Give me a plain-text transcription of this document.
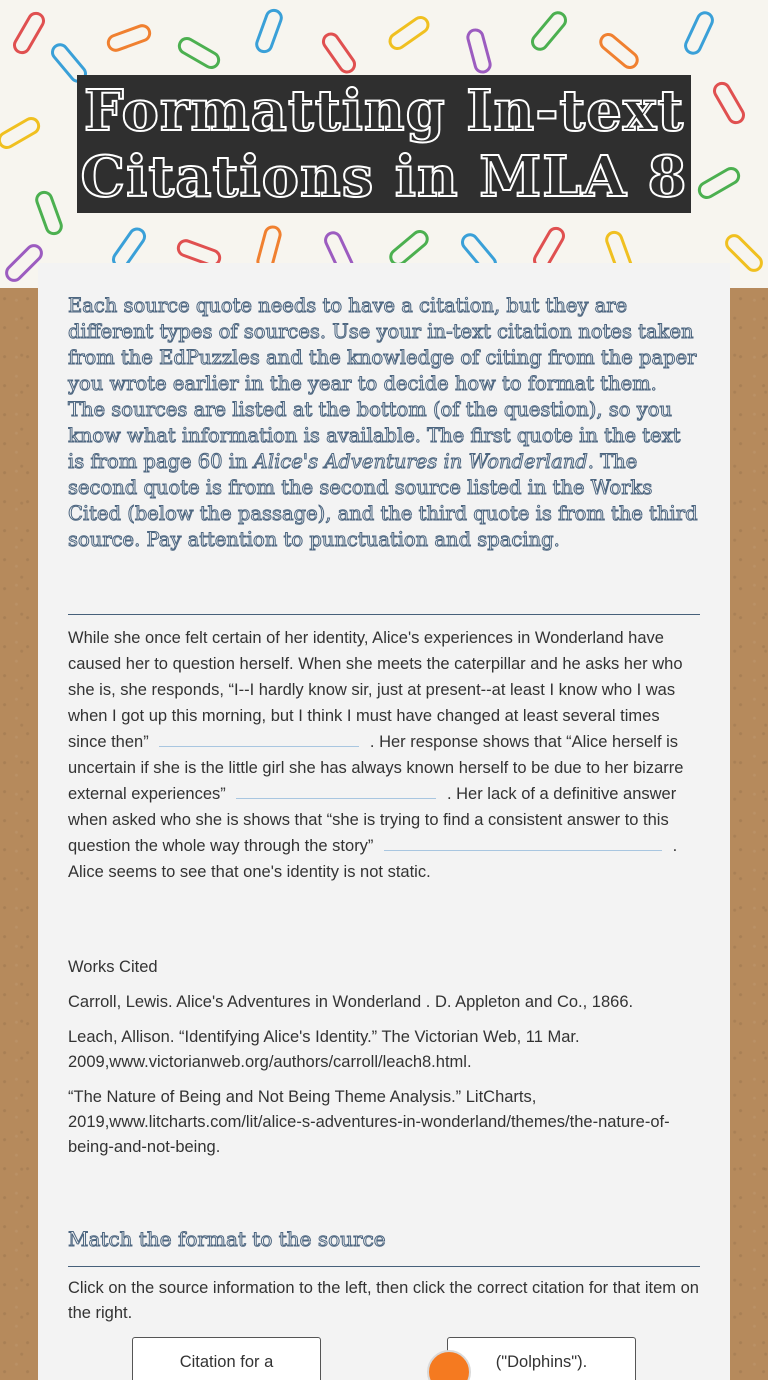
Formatting In-text Citations in MLA 8
Each source quote needs to have a citation, but they are different types of sources. Use your in-text citation notes taken from the EdPuzzles and the knowledge of citing from the paper you wrote earlier in the year to decide how to format them. The sources are listed at the bottom (of the question), so you know what information is available. The first quote in the text is from page 60 in Alice's Adventures in Wonderland. The second quote is from the second source listed in the Works Cited (below the passage), and the third quote is from the third source. Pay attention to punctuation and spacing.
While she once felt certain of her identity, Alice's experiences in Wonderland have caused her to question herself. When she meets the caterpillar and he asks her who she is, she responds, “I--I hardly know sir, just at present--at least I know who I was when I got up this morning, but I think I must have changed at least several times since then”	. Her response shows that “Alice herself is uncertain if she is the little girl she has always known herself to be due to her bizarre external experiences”	. Her lack of a definitive answer when asked who she is shows that “she is trying to find a consistent answer to this question the whole way through the story”	. Alice seems to see that one's identity is not static.
Works Cited
Carroll, Lewis. Alice's Adventures in Wonderland . D. Appleton and Co., 1866.
Leach, Allison. “Identifying Alice's Identity.” The Victorian Web, 11 Mar. 2009,www.victorianweb.org/authors/carroll/leach8.html.
“The Nature of Being and Not Being Theme Analysis.” LitCharts, 2019,www.litcharts.com/lit/alice-s-adventures-in-wonderland/themes/the-nature-of-being-and-not-being.
Match the format to the source
Click on the source information to the left, then click the correct citation for that item on the right.
Citation for a	("Dolphins").
